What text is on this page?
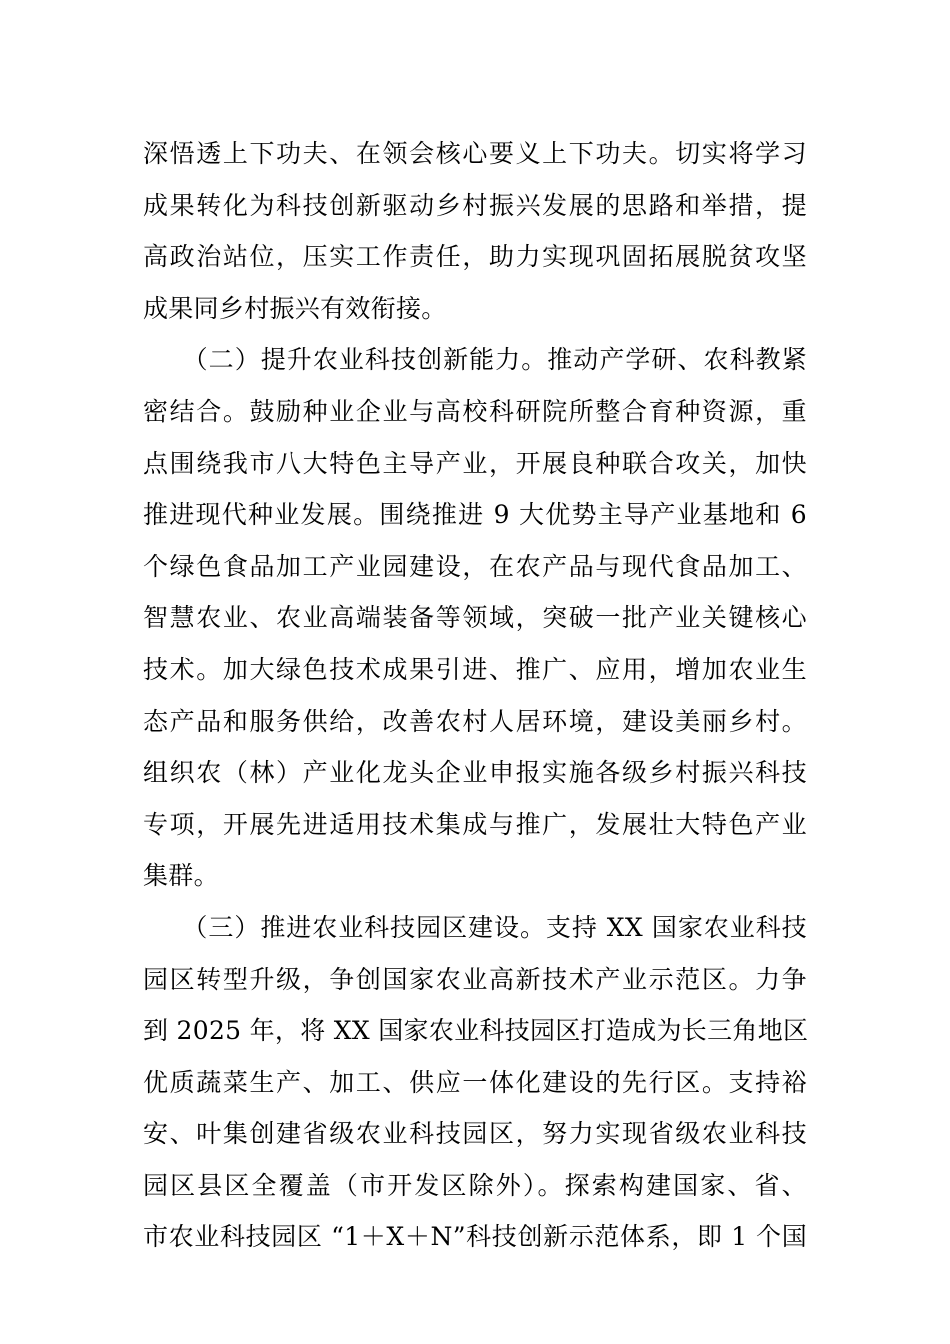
深悟透上下功夫、在领会核心要义上下功夫。切实将学习
成果转化为科技创新驱动乡村振兴发展的思路和举措，提
高政治站位，压实工作责任，助力实现巩固拓展脱贫攻坚
成果同乡村振兴有效衔接。
　　（二）提升农业科技创新能力。推动产学研、农科教紧
密结合。鼓励种业企业与高校科研院所整合育种资源，重
点围绕我市八大特色主导产业，开展良种联合攻关，加快
推进现代种业发展。围绕推进 9 大优势主导产业基地和 6
个绿色食品加工产业园建设，在农产品与现代食品加工、
智慧农业、农业高端装备等领域，突破一批产业关键核心
技术。加大绿色技术成果引进、推广、应用，增加农业生
态产品和服务供给，改善农村人居环境，建设美丽乡村。
组织农（林）产业化龙头企业申报实施各级乡村振兴科技
专项，开展先进适用技术集成与推广，发展壮大特色产业
集群。
　　（三）推进农业科技园区建设。支持 XX 国家农业科技
园区转型升级，争创国家农业高新技术产业示范区。力争
到 2025 年，将 XX 国家农业科技园区打造成为长三角地区
优质蔬菜生产、加工、供应一体化建设的先行区。支持裕
安、叶集创建省级农业科技园区，努力实现省级农业科技
园区县区全覆盖（市开发区除外）。探索构建国家、省、
市农业科技园区 “1＋X＋N”科技创新示范体系，即 1 个国
